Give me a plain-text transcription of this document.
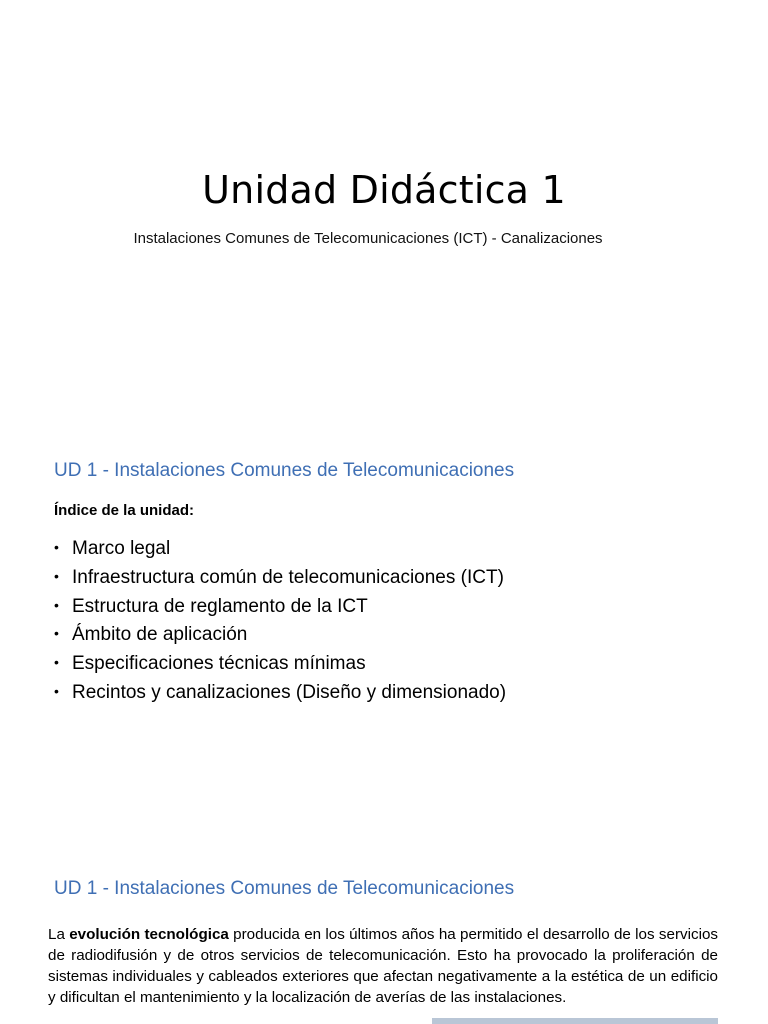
Unidad Didáctica 1

Instalaciones Comunes de Telecomunicaciones (ICT) - Canalizaciones

UD 1 - Instalaciones Comunes de Telecomunicaciones

Índice de la unidad:

• Marco legal
• Infraestructura común de telecomunicaciones (ICT)
• Estructura de reglamento de la ICT
• Ámbito de aplicación
• Especificaciones técnicas mínimas
• Recintos y canalizaciones (Diseño y dimensionado)
UD 1 - Instalaciones Comunes de Telecomunicaciones

La evolución tecnológica producida en los últimos años ha permitido el desarrollo de los servicios de radiodifusión y de otros servicios de telecomunicación. Esto ha provocado la proliferación de sistemas individuales y cableados exteriores que afectan negativamente a la estética de un edificio y dificultan el mantenimiento y la localización de averías de las instalaciones.
